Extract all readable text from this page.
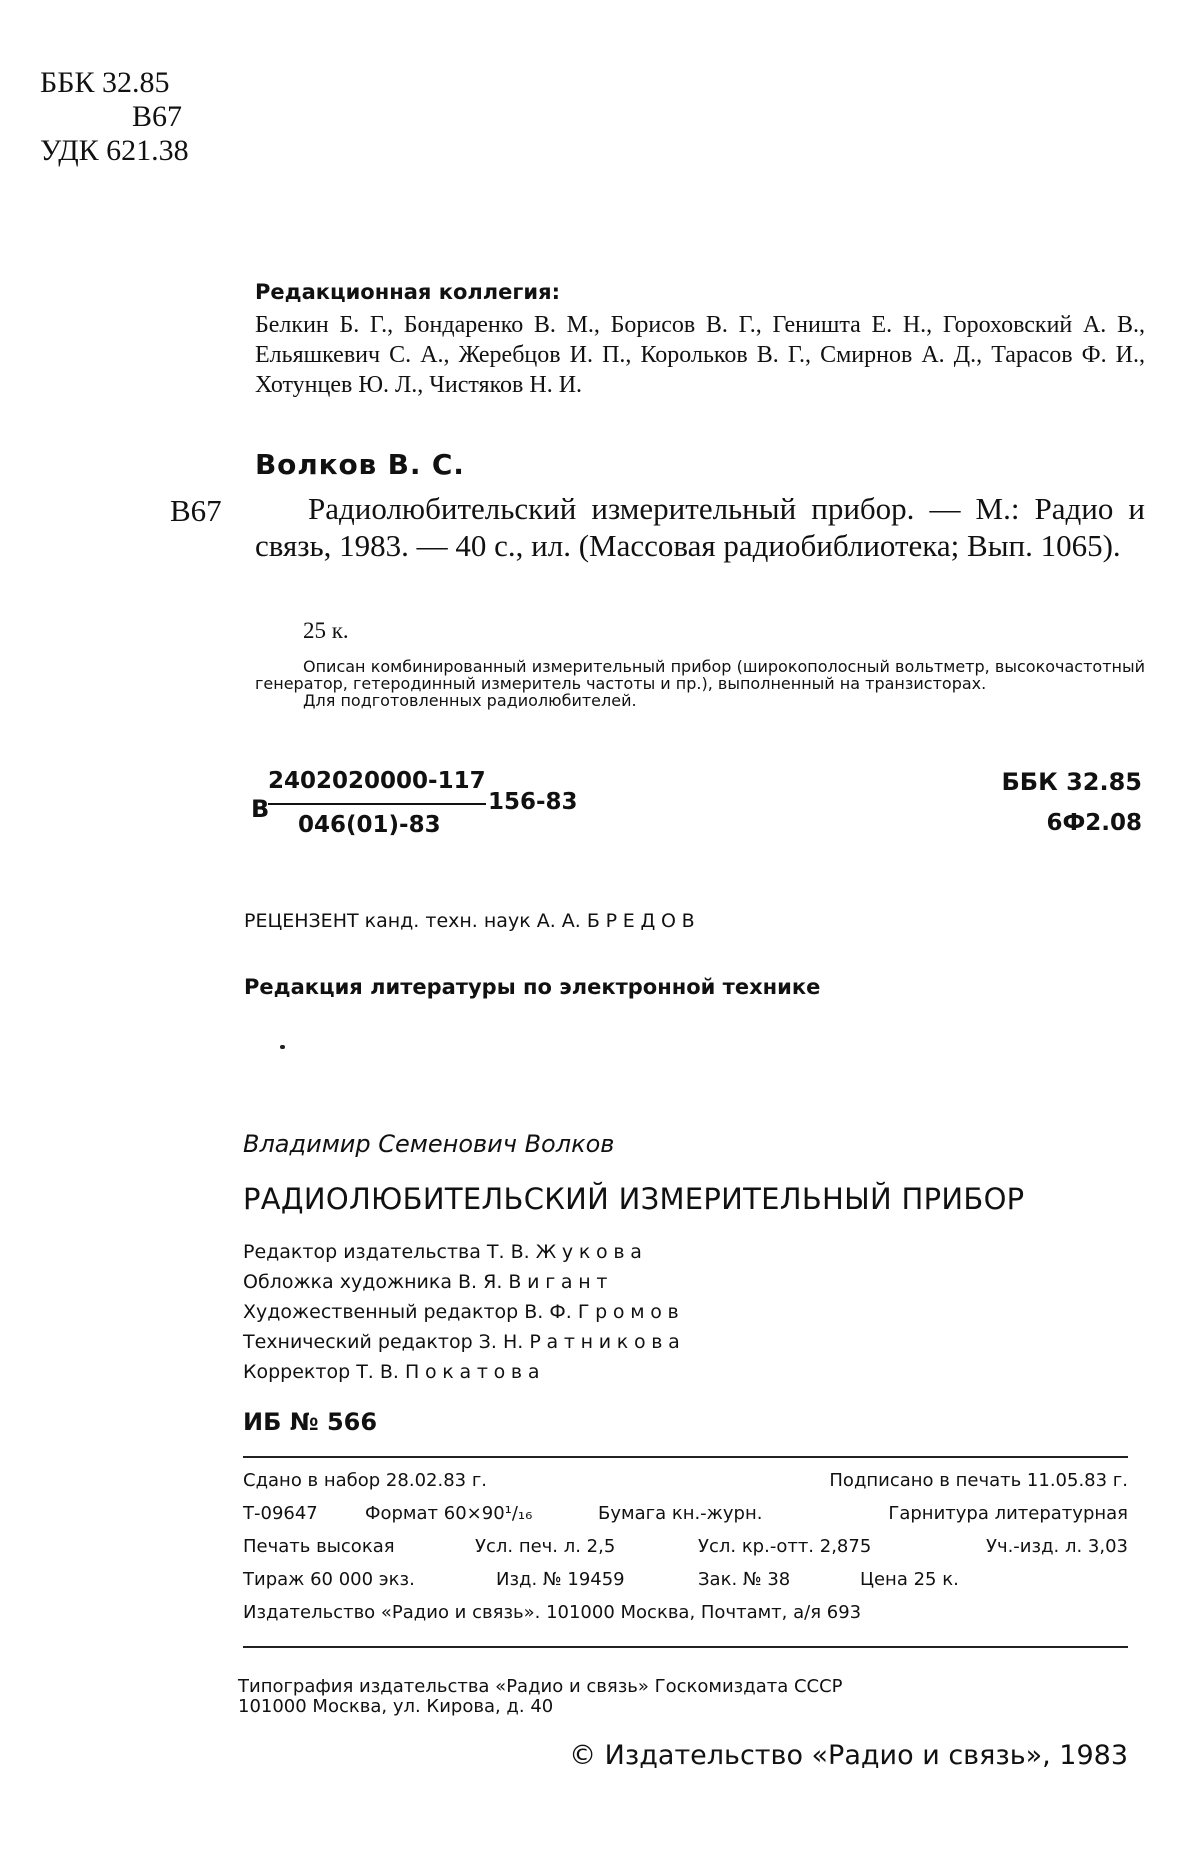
ББК 32.85
В67
УДК 621.38
Редакционная коллегия:
Белкин Б. Г., Бондаренко В. М., Борисов В. Г., Геништа Е. Н., Гороховский А. В., Ельяшкевич С. А., Жеребцов И. П., Корольков В. Г., Смирнов А. Д., Тарасов Ф. И., Хотунцев Ю. Л., Чистяков Н. И.
Волков В. С.
В67	Радиолюбительский измерительный прибор. — М.: Радио и связь, 1983. — 40 с., ил. (Массовая радиобиблиотека; Вып. 1065).
25 к.
Описан комбинированный измерительный прибор (широкополосный вольтметр, высокочастотный генератор, гетеродинный измеритель частоты и пр.), выполненный на транзисторах.
Для подготовленных радиолюбителей.
В
2402020000-117
046(01)-83
156-83
ББК 32.85
6Ф2.08
РЕЦЕНЗЕНТ канд. техн. наук А. А. БРЕДОВ
Редакция литературы по электронной технике
Владимир Семенович Волков
РАДИОЛЮБИТЕЛЬСКИЙ ИЗМЕРИТЕЛЬНЫЙ ПРИБОР
Редактор издательства Т. В. Жукова
Обложка художника В. Я. Вигант
Художественный редактор В. Ф. Громов
Технический редактор З. Н. Ратникова
Корректор Т. В. Покатова
ИБ № 566
Сдано в набор 28.02.83 г.	Подписано в печать 11.05.83 г.
Т-09647	Формат 60×90¹/₁₆	Бумага кн.-журн.	Гарнитура литературная
Печать высокая	Усл. печ. л. 2,5	Усл. кр.-отт. 2,875	Уч.-изд. л. 3,03
Тираж 60 000 экз.	Изд. № 19459	Зак. № 38	Цена 25 к.
Издательство «Радио и связь». 101000 Москва, Почтамт, а/я 693
Типография издательства «Радио и связь» Госкомиздата СССР
101000 Москва, ул. Кирова, д. 40
© Издательство «Радио и связь», 1983
